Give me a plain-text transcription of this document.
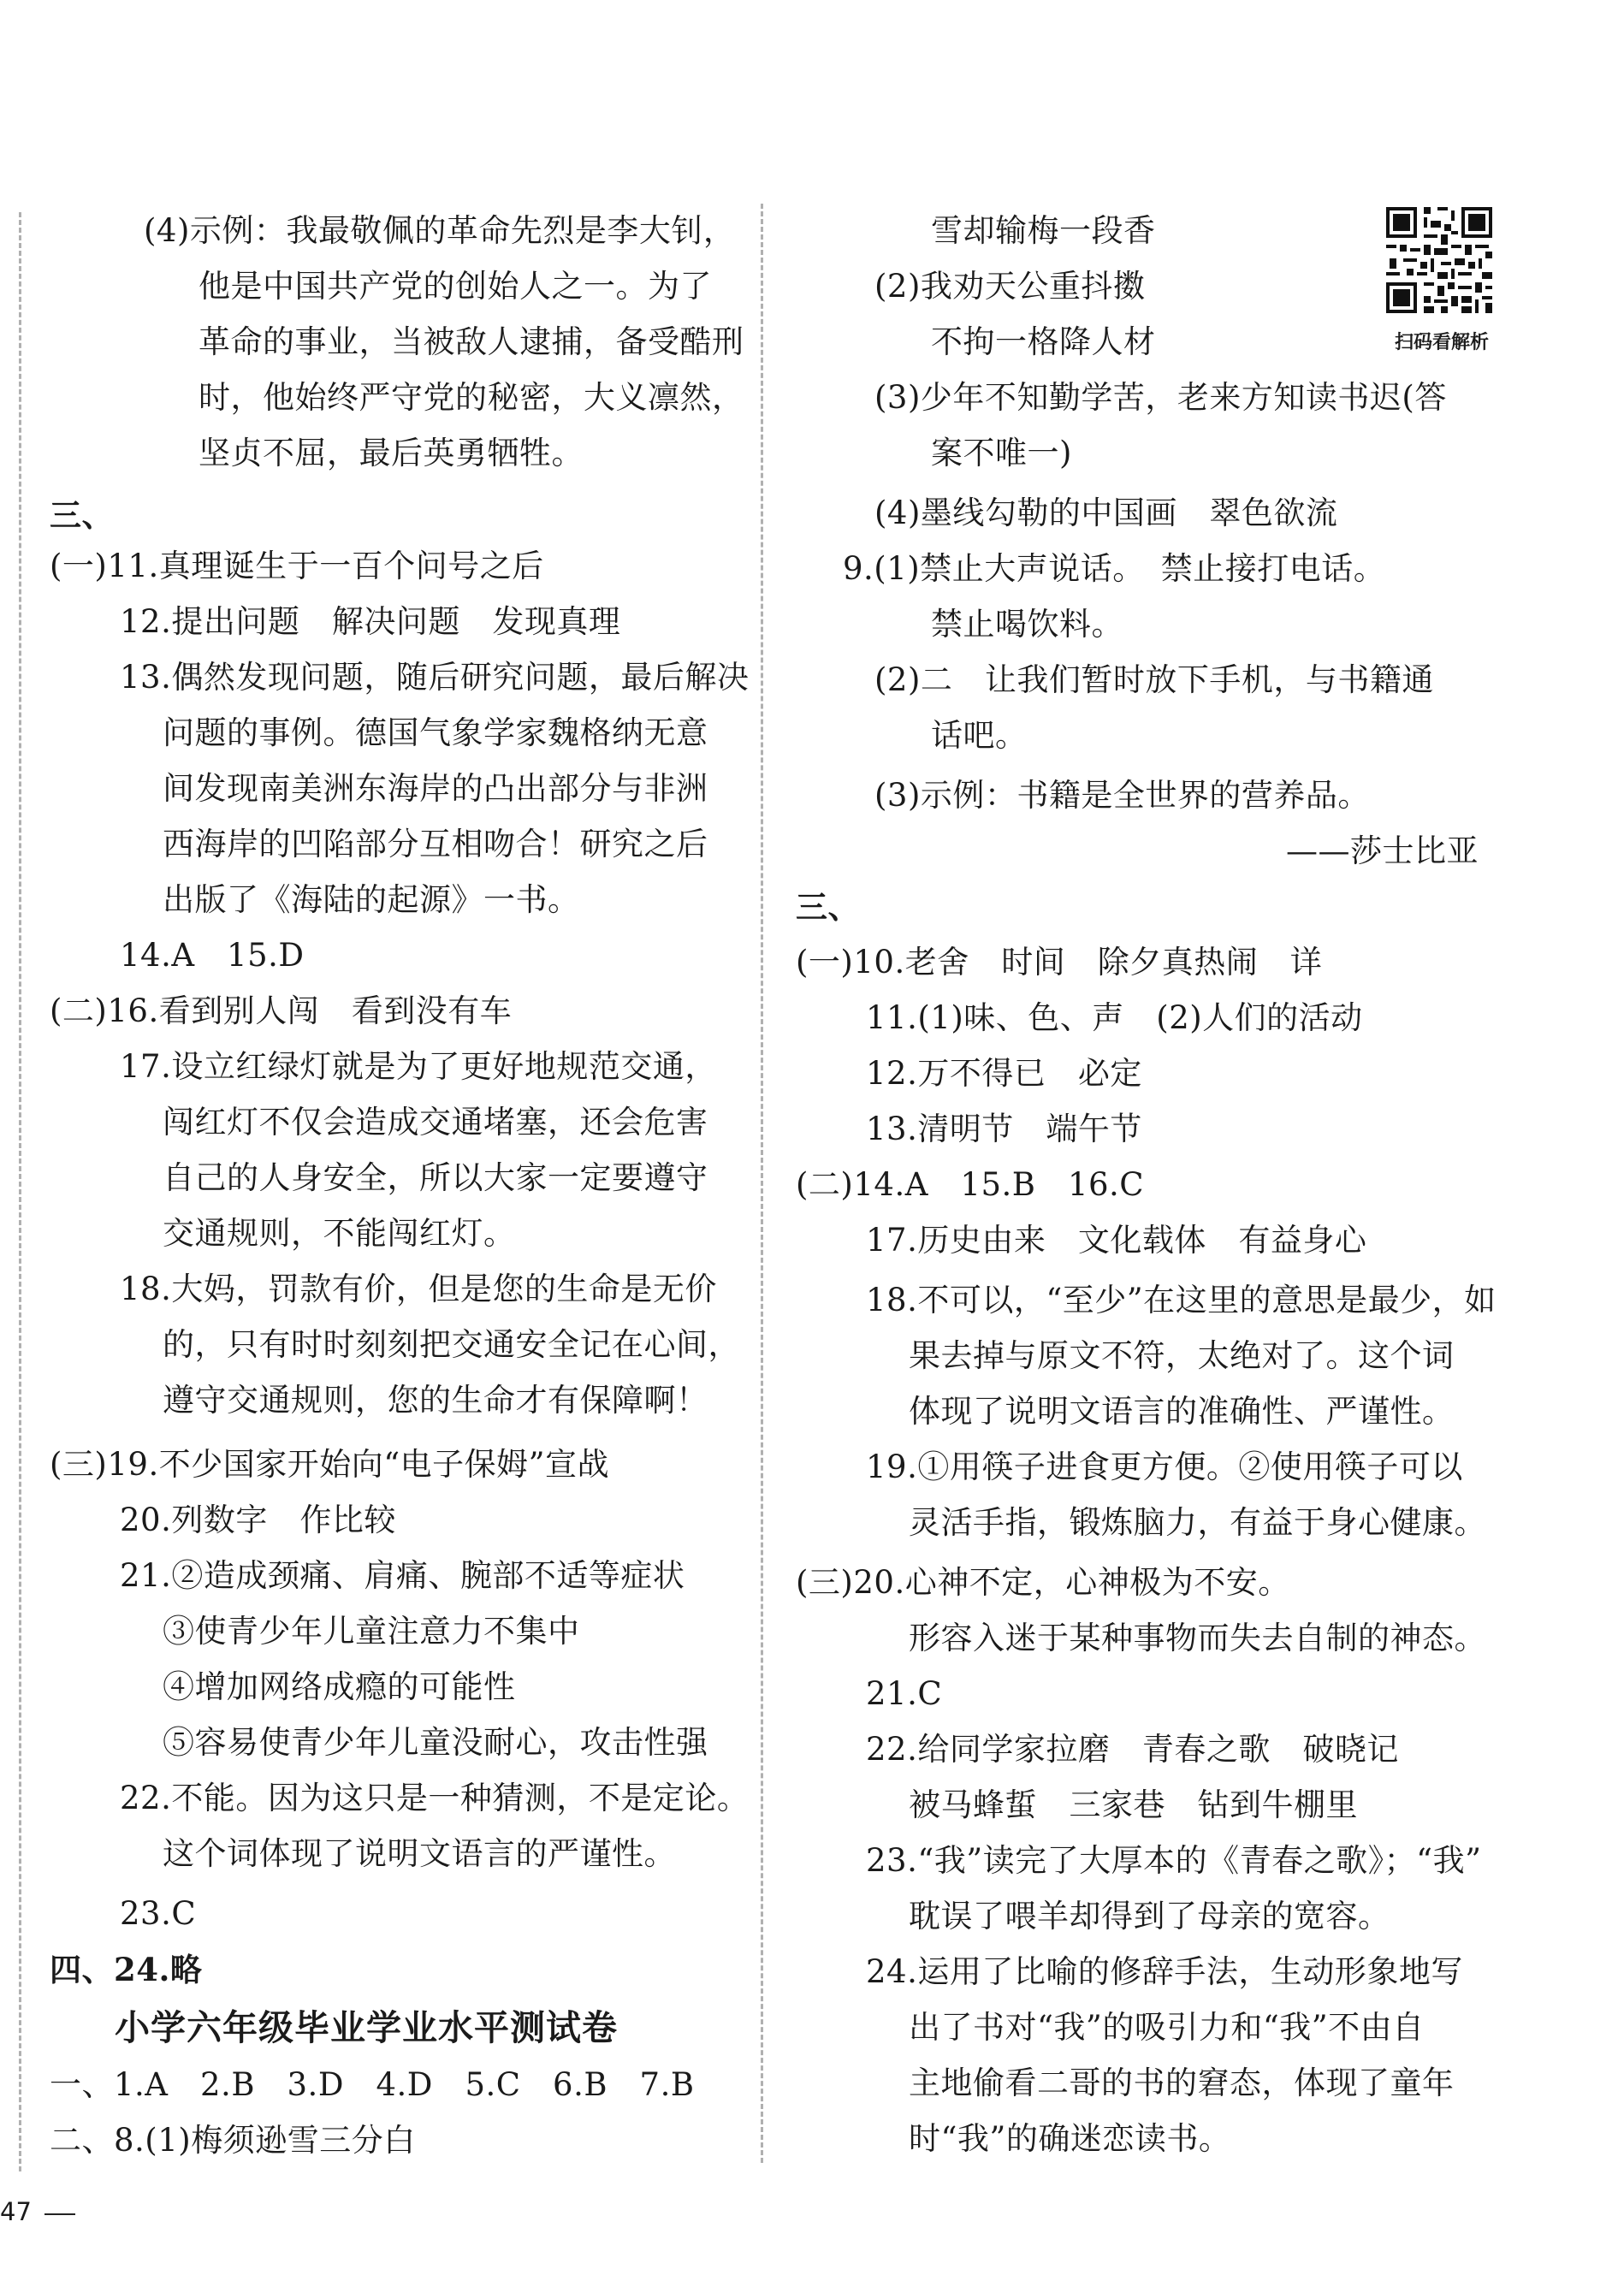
(4)示例：我最敬佩的革命先烈是李大钊，
他是中国共产党的创始人之一。为了
革命的事业，当被敌人逮捕，备受酷刑
时，他始终严守党的秘密，大义凛然，
坚贞不屈，最后英勇牺牲。
三、
(一)11.真理诞生于一百个问号之后
12.提出问题　解决问题　发现真理
13.偶然发现问题，随后研究问题，最后解决
问题的事例。德国气象学家魏格纳无意
间发现南美洲东海岸的凸出部分与非洲
西海岸的凹陷部分互相吻合！研究之后
出版了《海陆的起源》一书。
14.A　15.D
(二)16.看到别人闯　看到没有车
17.设立红绿灯就是为了更好地规范交通，
闯红灯不仅会造成交通堵塞，还会危害
自己的人身安全，所以大家一定要遵守
交通规则，不能闯红灯。
18.大妈，罚款有价，但是您的生命是无价
的，只有时时刻刻把交通安全记在心间，
遵守交通规则，您的生命才有保障啊！
(三)19.不少国家开始向“电子保姆”宣战
20.列数字　作比较
21.②造成颈痛、肩痛、腕部不适等症状
③使青少年儿童注意力不集中
④增加网络成瘾的可能性
⑤容易使青少年儿童没耐心，攻击性强
22.不能。因为这只是一种猜测，不是定论。
这个词体现了说明文语言的严谨性。
23.C
四、24.略
小学六年级毕业学业水平测试卷
一、1.A　2.B　3.D　4.D　5.C　6.B　7.B
二、8.(1)梅须逊雪三分白
雪却输梅一段香
(2)我劝天公重抖擞
不拘一格降人材
(3)少年不知勤学苦，老来方知读书迟(答
案不唯一)
(4)墨线勾勒的中国画　翠色欲流
9.(1)禁止大声说话。　禁止接打电话。
禁止喝饮料。
(2)二　让我们暂时放下手机，与书籍通
话吧。
(3)示例：书籍是全世界的营养品。
——莎士比亚
三、
(一)10.老舍　时间　除夕真热闹　详
11.(1)味、色、声　(2)人们的活动
12.万不得已　必定
13.清明节　端午节
(二)14.A　15.B　16.C
17.历史由来　文化载体　有益身心
18.不可以，“至少”在这里的意思是最少，如
果去掉与原文不符，太绝对了。这个词
体现了说明文语言的准确性、严谨性。
19.①用筷子进食更方便。②使用筷子可以
灵活手指，锻炼脑力，有益于身心健康。
(三)20.心神不定，心神极为不安。
形容入迷于某种事物而失去自制的神态。
21.C
22.给同学家拉磨　青春之歌　破晓记
被马蜂蜇　三家巷　钻到牛棚里
23.“我”读完了大厚本的《青春之歌》；“我”
耽误了喂羊却得到了母亲的宽容。
24.运用了比喻的修辞手法，生动形象地写
出了书对“我”的吸引力和“我”不由自
主地偷看二哥的书的窘态，体现了童年
时“我”的确迷恋读书。
扫码看解析
47
